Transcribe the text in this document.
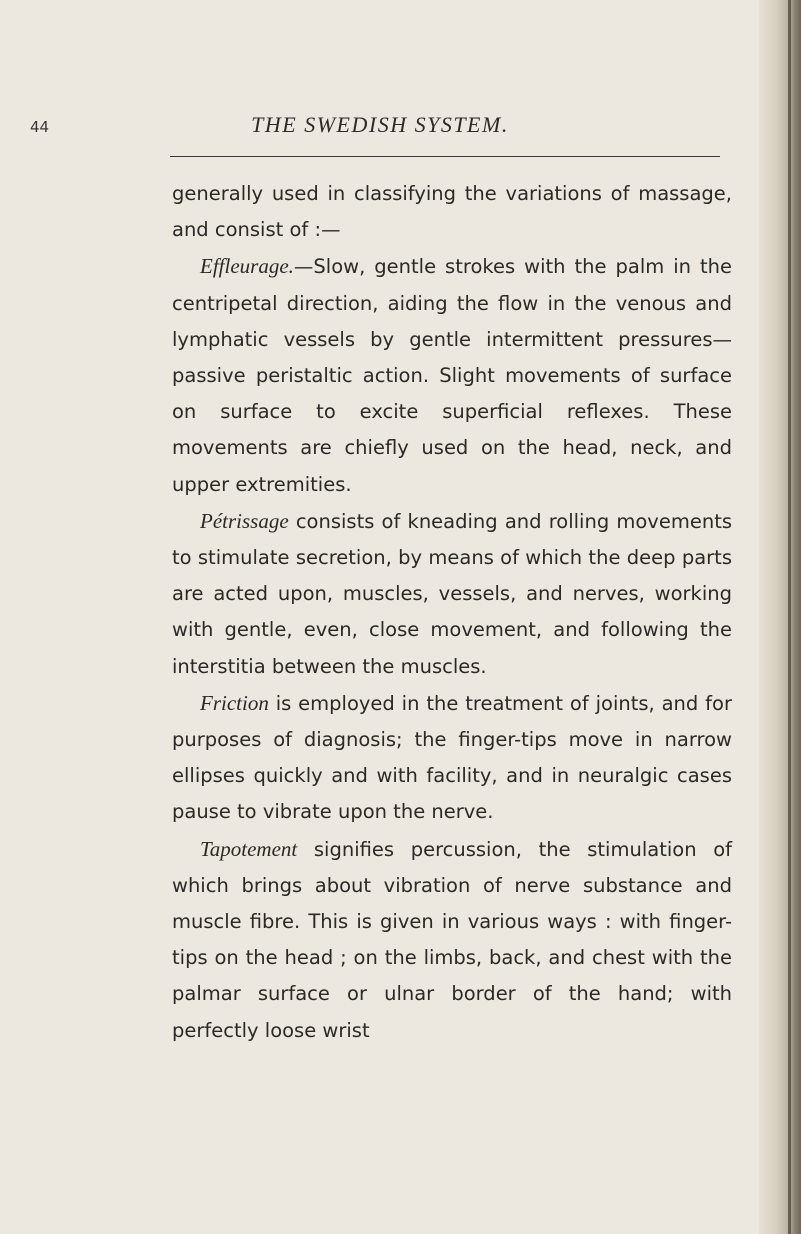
44	THE SWEDISH SYSTEM.

generally used in classifying the variations of massage, and consist of :—

Effleurage.—Slow, gentle strokes with the palm in the centripetal direction, aiding the flow in the venous and lymphatic vessels by gentle intermittent pressures—passive peristaltic action. Slight movements of surface on surface to excite superficial reflexes. These movements are chiefly used on the head, neck, and upper extremities.

Pétrissage consists of kneading and rolling movements to stimulate secretion, by means of which the deep parts are acted upon, muscles, vessels, and nerves, working with gentle, even, close movement, and following the interstitia between the muscles.

Friction is employed in the treatment of joints, and for purposes of diagnosis; the finger-tips move in narrow ellipses quickly and with facility, and in neuralgic cases pause to vibrate upon the nerve.

Tapotement signifies percussion, the stimulation of which brings about vibration of nerve substance and muscle fibre. This is given in various ways : with finger-tips on the head ; on the limbs, back, and chest with the palmar surface or ulnar border of the hand; with perfectly loose wrist
